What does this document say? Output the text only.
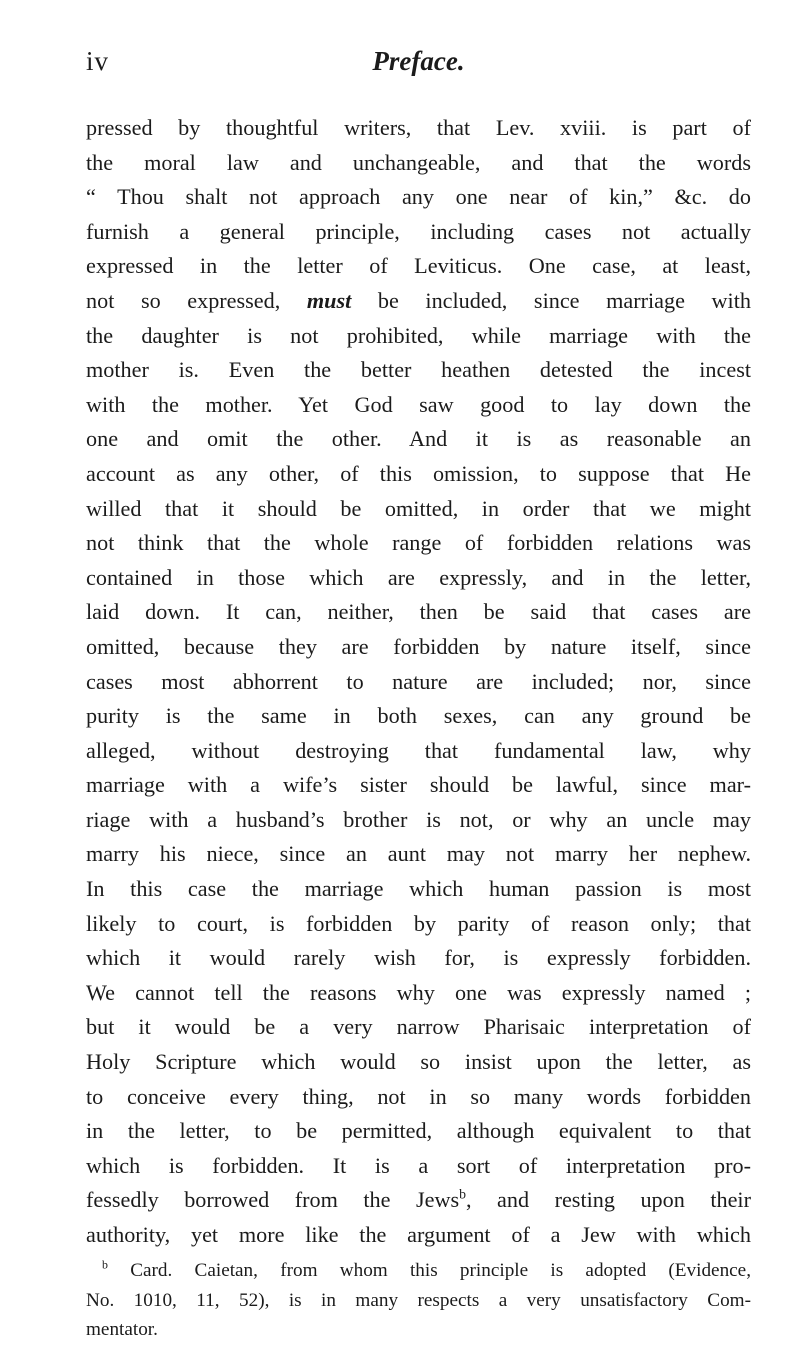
iv	Preface.
pressed by thoughtful writers, that Lev. xviii. is part of
the moral law and unchangeable, and that the words
“ Thou shalt not approach any one near of kin,” &c. do
furnish a general principle, including cases not actually
expressed in the letter of Leviticus. One case, at least,
not so expressed, must be included, since marriage with
the daughter is not prohibited, while marriage with the
mother is. Even the better heathen detested the incest
with the mother. Yet God saw good to lay down the
one and omit the other. And it is as reasonable an
account as any other, of this omission, to suppose that He
willed that it should be omitted, in order that we might
not think that the whole range of forbidden relations was
contained in those which are expressly, and in the letter,
laid down. It can, neither, then be said that cases are
omitted, because they are forbidden by nature itself, since
cases most abhorrent to nature are included; nor, since
purity is the same in both sexes, can any ground be
alleged, without destroying that fundamental law, why
marriage with a wife’s sister should be lawful, since mar-
riage with a husband’s brother is not, or why an uncle may
marry his niece, since an aunt may not marry her nephew.
In this case the marriage which human passion is most
likely to court, is forbidden by parity of reason only; that
which it would rarely wish for, is expressly forbidden.
We cannot tell the reasons why one was expressly named ;
but it would be a very narrow Pharisaic interpretation of
Holy Scripture which would so insist upon the letter, as
to conceive every thing, not in so many words forbidden
in the letter, to be permitted, although equivalent to that
which is forbidden. It is a sort of interpretation pro-
fessedly borrowed from the Jews$^b$, and resting upon their
authority, yet more like the argument of a Jew with which
$^b$ Card. Caietan, from whom this principle is adopted (Evidence,
No. 1010, 11, 52), is in many respects a very unsatisfactory Com-
mentator.
